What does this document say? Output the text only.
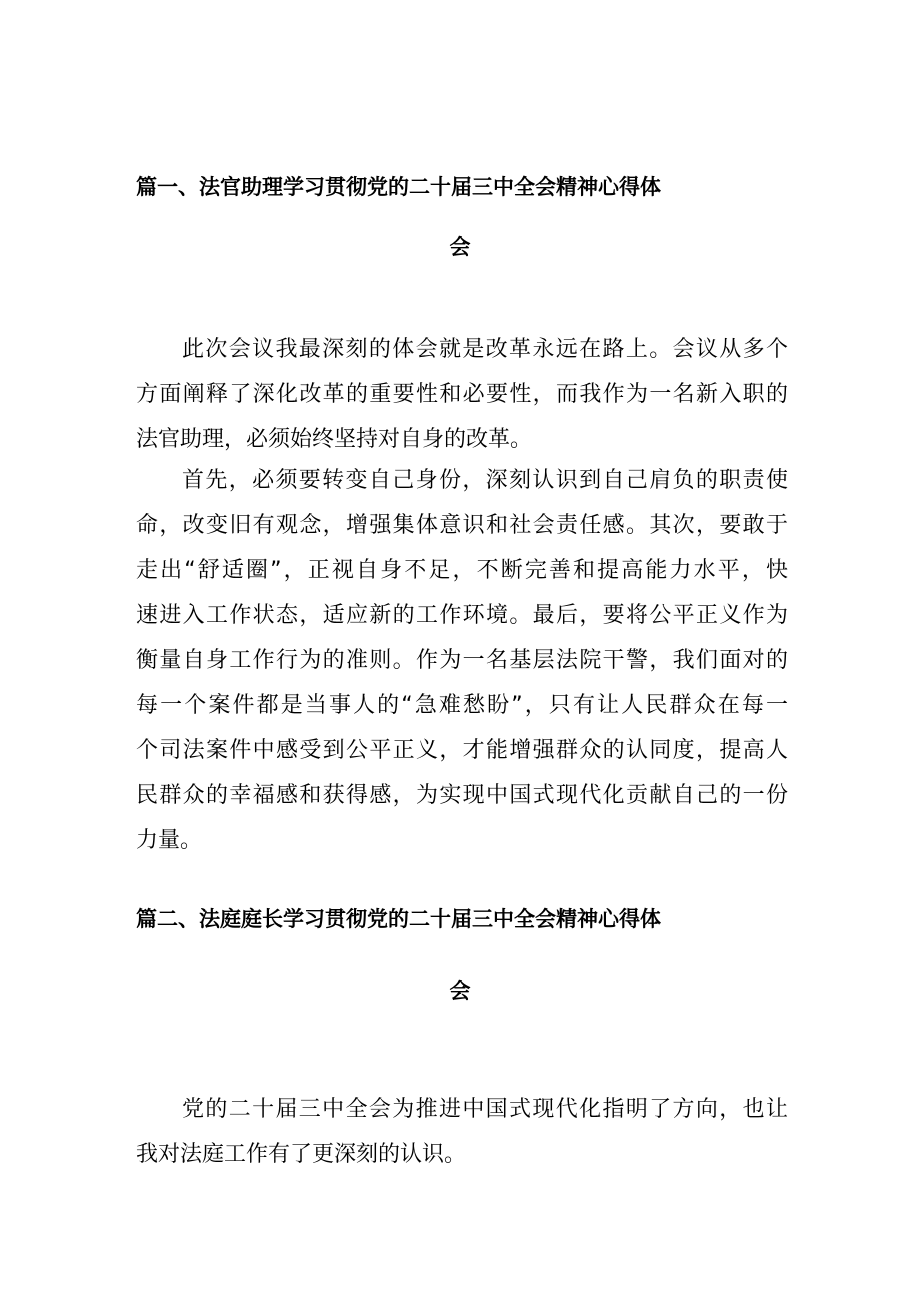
篇一、法官助理学习贯彻党的二十届三中全会精神心得体
会
此次会议我最深刻的体会就是改革永远在路上。会议从多个
方面阐释了深化改革的重要性和必要性，而我作为一名新入职的
法官助理，必须始终坚持对自身的改革。
首先，必须要转变自己身份，深刻认识到自己肩负的职责使
命，改变旧有观念，增强集体意识和社会责任感。其次，要敢于
走出“舒适圈”，正视自身不足，不断完善和提高能力水平，快
速进入工作状态，适应新的工作环境。最后，要将公平正义作为
衡量自身工作行为的准则。作为一名基层法院干警，我们面对的
每一个案件都是当事人的“急难愁盼”，只有让人民群众在每一
个司法案件中感受到公平正义，才能增强群众的认同度，提高人
民群众的幸福感和获得感，为实现中国式现代化贡献自己的一份
力量。
篇二、法庭庭长学习贯彻党的二十届三中全会精神心得体
会
党的二十届三中全会为推进中国式现代化指明了方向，也让
我对法庭工作有了更深刻的认识。
